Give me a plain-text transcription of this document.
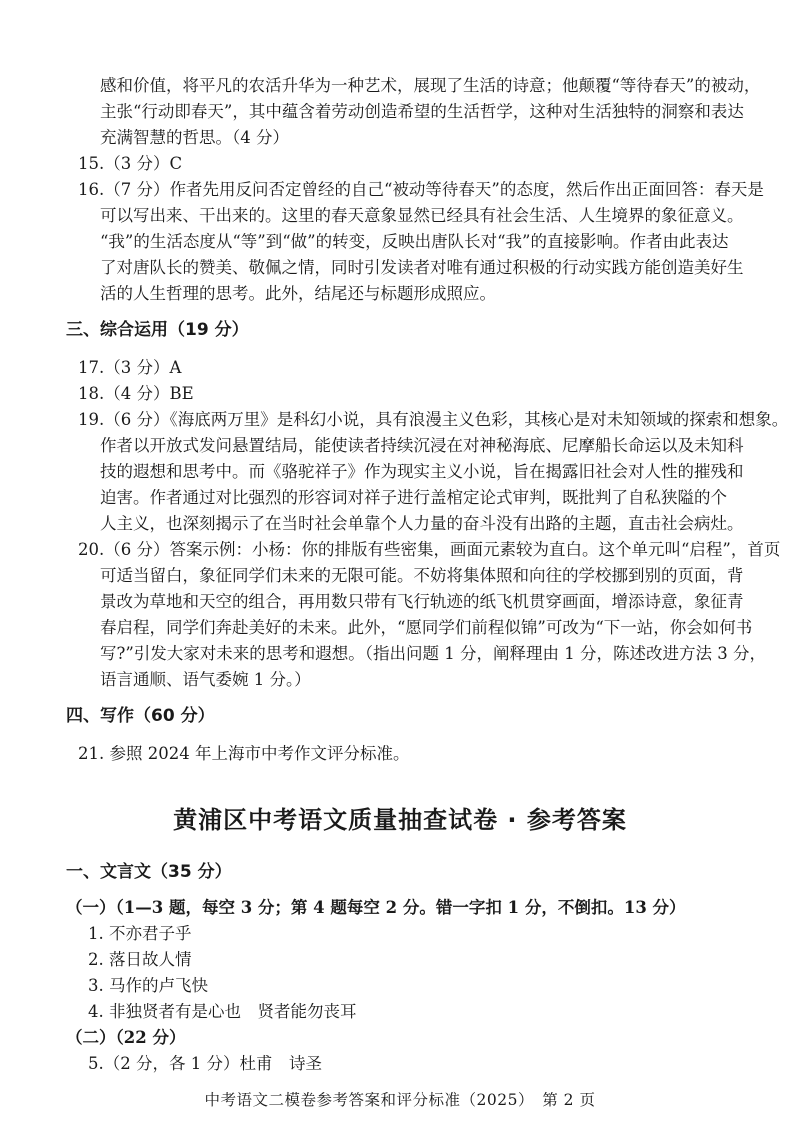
感和价值，将平凡的农活升华为一种艺术，展现了生活的诗意；他颠覆“等待春天”的被动，
主张“行动即春天”，其中蕴含着劳动创造希望的生活哲学，这种对生活独特的洞察和表达
充满智慧的哲思。（4 分）
15.（3 分）C
16.（7 分）作者先用反问否定曾经的自己“被动等待春天”的态度，然后作出正面回答：春天是
可以写出来、干出来的。这里的春天意象显然已经具有社会生活、人生境界的象征意义。
“我”的生活态度从“等”到“做”的转变，反映出唐队长对“我”的直接影响。作者由此表达
了对唐队长的赞美、敬佩之情，同时引发读者对唯有通过积极的行动实践方能创造美好生
活的人生哲理的思考。此外，结尾还与标题形成照应。
三、综合运用（19 分）
17.（3 分）A
18.（4 分）BE
19.（6 分）《海底两万里》是科幻小说，具有浪漫主义色彩，其核心是对未知领域的探索和想象。
作者以开放式发问悬置结局，能使读者持续沉浸在对神秘海底、尼摩船长命运以及未知科
技的遐想和思考中。而《骆驼祥子》作为现实主义小说，旨在揭露旧社会对人性的摧残和
迫害。作者通过对比强烈的形容词对祥子进行盖棺定论式审判，既批判了自私狭隘的个
人主义，也深刻揭示了在当时社会单靠个人力量的奋斗没有出路的主题，直击社会病灶。
20.（6 分）答案示例：小杨：你的排版有些密集，画面元素较为直白。这个单元叫“启程”，首页
可适当留白，象征同学们未来的无限可能。不妨将集体照和向往的学校挪到别的页面，背
景改为草地和天空的组合，再用数只带有飞行轨迹的纸飞机贯穿画面，增添诗意，象征青
春启程，同学们奔赴美好的未来。此外，“愿同学们前程似锦”可改为“下一站，你会如何书
写?”引发大家对未来的思考和遐想。（指出问题 1 分，阐释理由 1 分，陈述改进方法 3 分，
语言通顺、语气委婉 1 分。）
四、写作（60 分）
21. 参照 2024 年上海市中考作文评分标准。
黄浦区中考语文质量抽查试卷 · 参考答案
一、文言文（35 分）
（一）（1—3 题，每空 3 分；第 4 题每空 2 分。错一字扣 1 分，不倒扣。13 分）
1. 不亦君子乎
2. 落日故人情
3. 马作的卢飞快
4. 非独贤者有是心也　贤者能勿丧耳
（二）（22 分）
5.（2 分，各 1 分）杜甫　诗圣
中考语文二模卷参考答案和评分标准（2025）　第 2 页
